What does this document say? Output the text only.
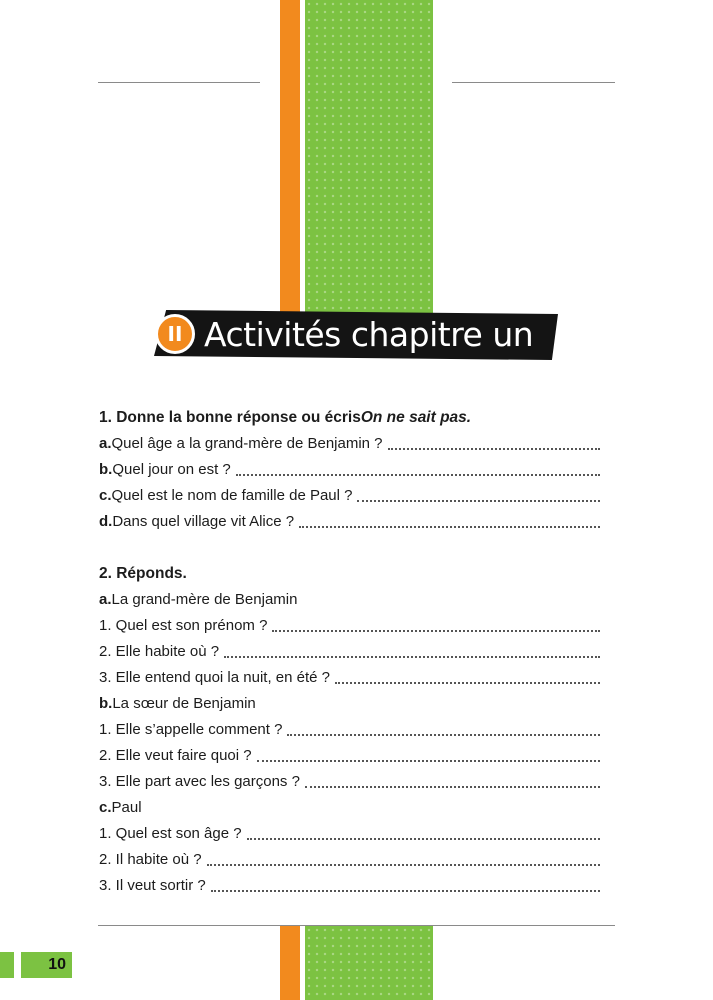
II Activités chapitre un
1. Donne la bonne réponse ou écris On ne sait pas.
a. Quel âge a la grand-mère de Benjamin ?
b. Quel jour on est ?
c. Quel est le nom de famille de Paul ?
d. Dans quel village vit Alice ?
2. Réponds.
a. La grand-mère de Benjamin
1. Quel est son prénom ?
2. Elle habite où ?
3. Elle entend quoi la nuit, en été ?
b. La sœur de Benjamin
1. Elle s’appelle comment ?
2. Elle veut faire quoi ?
3. Elle part avec les garçons ?
c. Paul
1. Quel est son âge ?
2. Il habite où ?
3. Il veut sortir ?
10
